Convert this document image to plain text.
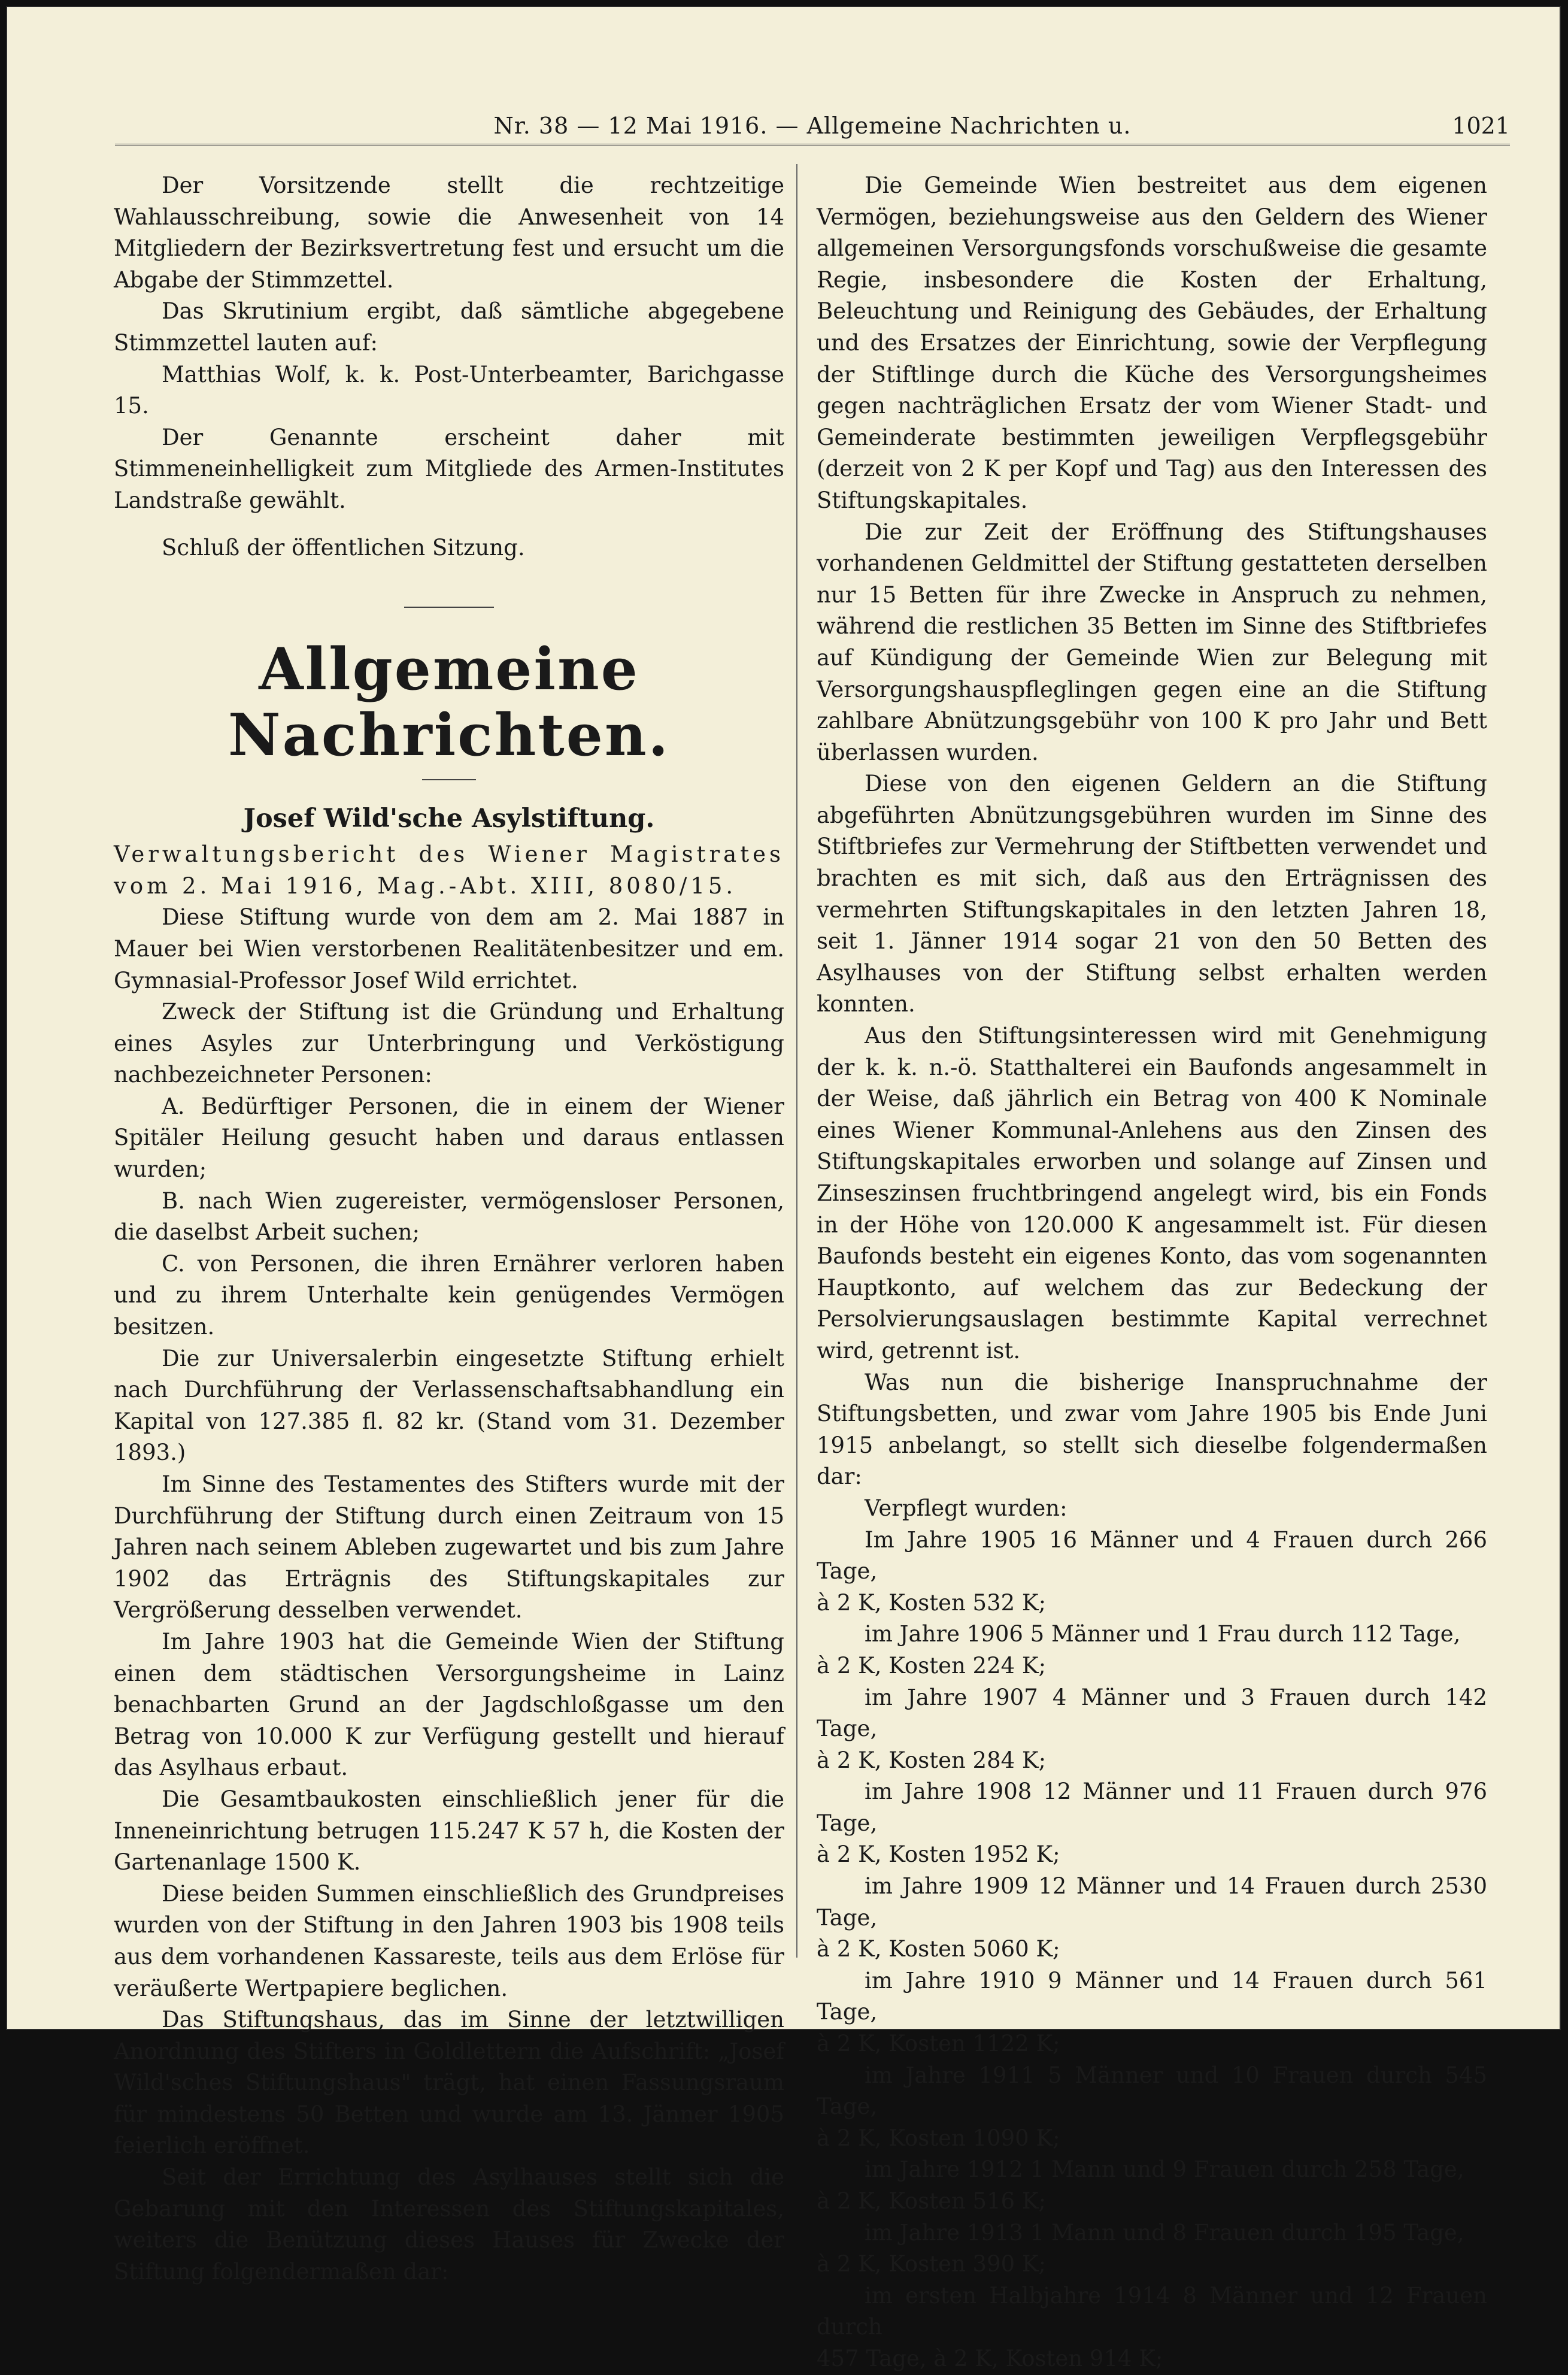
Nr. 38 — 12 Mai 1916. — Allgemeine Nachrichten u.	1021

Der Vorsitzende stellt die rechtzeitige Wahlausschreibung, sowie die Anwesenheit von 14 Mitgliedern der Bezirksvertretung fest und ersucht um die Abgabe der Stimmzettel.

Das Skrutinium ergibt, daß sämtliche abgegebene Stimmzettel lauten auf:

Matthias Wolf, k. k. Post-Unterbeamter, Barichgasse 15.

Der Genannte erscheint daher mit Stimmeneinhelligkeit zum Mitgliede des Armen-Institutes Landstraße gewählt.

Schluß der öffentlichen Sitzung.

Allgemeine Nachrichten.
Josef Wild'sche Asylstiftung.

Verwaltungsbericht des Wiener Magistrates vom 2. Mai 1916, Mag.-Abt. XIII, 8080/15.

Diese Stiftung wurde von dem am 2. Mai 1887 in Mauer bei Wien verstorbenen Realitätenbesitzer und em. Gymnasial-Professor Josef Wild errichtet.

Zweck der Stiftung ist die Gründung und Erhaltung eines Asyles zur Unterbringung und Verköstigung nachbezeichneter Personen:

A. Bedürftiger Personen, die in einem der Wiener Spitäler Heilung gesucht haben und daraus entlassen wurden;

B. nach Wien zugereister, vermögensloser Personen, die daselbst Arbeit suchen;

C. von Personen, die ihren Ernährer verloren haben und zu ihrem Unterhalte kein genügendes Vermögen besitzen.

Die zur Universalerbin eingesetzte Stiftung erhielt nach Durchführung der Verlassenschaftsabhandlung ein Kapital von 127.385 fl. 82 kr. (Stand vom 31. Dezember 1893.)

Im Sinne des Testamentes des Stifters wurde mit der Durchführung der Stiftung durch einen Zeitraum von 15 Jahren nach seinem Ableben zugewartet und bis zum Jahre 1902 das Erträgnis des Stiftungskapitales zur Vergrößerung desselben verwendet.

Im Jahre 1903 hat die Gemeinde Wien der Stiftung einen dem städtischen Versorgungsheime in Lainz benachbarten Grund an der Jagdschloßgasse um den Betrag von 10.000 K zur Verfügung gestellt und hierauf das Asylhaus erbaut.

Die Gesamtbaukosten einschließlich jener für die Inneneinrichtung betrugen 115.247 K 57 h, die Kosten der Gartenanlage 1500 K.

Diese beiden Summen einschließlich des Grundpreises wurden von der Stiftung in den Jahren 1903 bis 1908 teils aus dem vorhandenen Kassareste, teils aus dem Erlöse für veräußerte Wertpapiere beglichen.

Das Stiftungshaus, das im Sinne der letztwilligen Anordnung des Stifters in Goldlettern die Aufschrift: „Josef Wild'sches Stiftungshaus" trägt, hat einen Fassungsraum für mindestens 50 Betten und wurde am 13. Jänner 1905 feierlich eröffnet.

Seit der Errichtung des Asylhauses stellt sich die Gebarung mit den Interessen des Stiftungskapitales, weiters die Benützung dieses Hauses für Zwecke der Stiftung folgendermaßen dar:

Die Gemeinde Wien bestreitet aus dem eigenen Vermögen, beziehungsweise aus den Geldern des Wiener allgemeinen Versorgungsfonds vorschußweise die gesamte Regie, insbesondere die Kosten der Erhaltung, Beleuchtung und Reinigung des Gebäudes, der Erhaltung und des Ersatzes der Einrichtung, sowie der Verpflegung der Stiftlinge durch die Küche des Versorgungsheimes gegen nachträglichen Ersatz der vom Wiener Stadt- und Gemeinderate bestimmten jeweiligen Verpflegsgebühr (derzeit von 2 K per Kopf und Tag) aus den Interessen des Stiftungskapitales.

Die zur Zeit der Eröffnung des Stiftungshauses vorhandenen Geldmittel der Stiftung gestatteten derselben nur 15 Betten für ihre Zwecke in Anspruch zu nehmen, während die restlichen 35 Betten im Sinne des Stiftbriefes auf Kündigung der Gemeinde Wien zur Belegung mit Versorgungshauspfleglingen gegen eine an die Stiftung zahlbare Abnützungsgebühr von 100 K pro Jahr und Bett überlassen wurden.

Diese von den eigenen Geldern an die Stiftung abgeführten Abnützungsgebühren wurden im Sinne des Stiftbriefes zur Vermehrung der Stiftbetten verwendet und brachten es mit sich, daß aus den Erträgnissen des vermehrten Stiftungskapitales in den letzten Jahren 18, seit 1. Jänner 1914 sogar 21 von den 50 Betten des Asylhauses von der Stiftung selbst erhalten werden konnten.

Aus den Stiftungsinteressen wird mit Genehmigung der k. k. n.-ö. Statthalterei ein Baufonds angesammelt in der Weise, daß jährlich ein Betrag von 400 K Nominale eines Wiener Kommunal-Anlehens aus den Zinsen des Stiftungskapitales erworben und solange auf Zinsen und Zinseszinsen fruchtbringend angelegt wird, bis ein Fonds in der Höhe von 120.000 K angesammelt ist. Für diesen Baufonds besteht ein eigenes Konto, das vom sogenannten Hauptkonto, auf welchem das zur Bedeckung der Persolvierungsauslagen bestimmte Kapital verrechnet wird, getrennt ist.

Was nun die bisherige Inanspruchnahme der Stiftungsbetten, und zwar vom Jahre 1905 bis Ende Juni 1915 anbelangt, so stellt sich dieselbe folgendermaßen dar:

Verpflegt wurden:

Im Jahre 1905 16 Männer und 4 Frauen durch 266 Tage,
à 2 K, Kosten 532 K;
im Jahre 1906 5 Männer und 1 Frau durch 112 Tage,
à 2 K, Kosten 224 K;
im Jahre 1907 4 Männer und 3 Frauen durch 142 Tage,
à 2 K, Kosten 284 K;
im Jahre 1908 12 Männer und 11 Frauen durch 976 Tage,
à 2 K, Kosten 1952 K;
im Jahre 1909 12 Männer und 14 Frauen durch 2530 Tage,
à 2 K, Kosten 5060 K;
im Jahre 1910 9 Männer und 14 Frauen durch 561 Tage,
à 2 K, Kosten 1122 K;
im Jahre 1911 5 Männer und 10 Frauen durch 545 Tage,
à 2 K, Kosten 1090 K;
im Jahre 1912 1 Mann und 9 Frauen durch 258 Tage,
à 2 K, Kosten 516 K;
im Jahre 1913 1 Mann und 8 Frauen durch 195 Tage,
à 2 K, Kosten 390 K;
im ersten Halbjahre 1914 8 Männer und 12 Frauen durch
457 Tage, à 2 K, Kosten 914 K;
